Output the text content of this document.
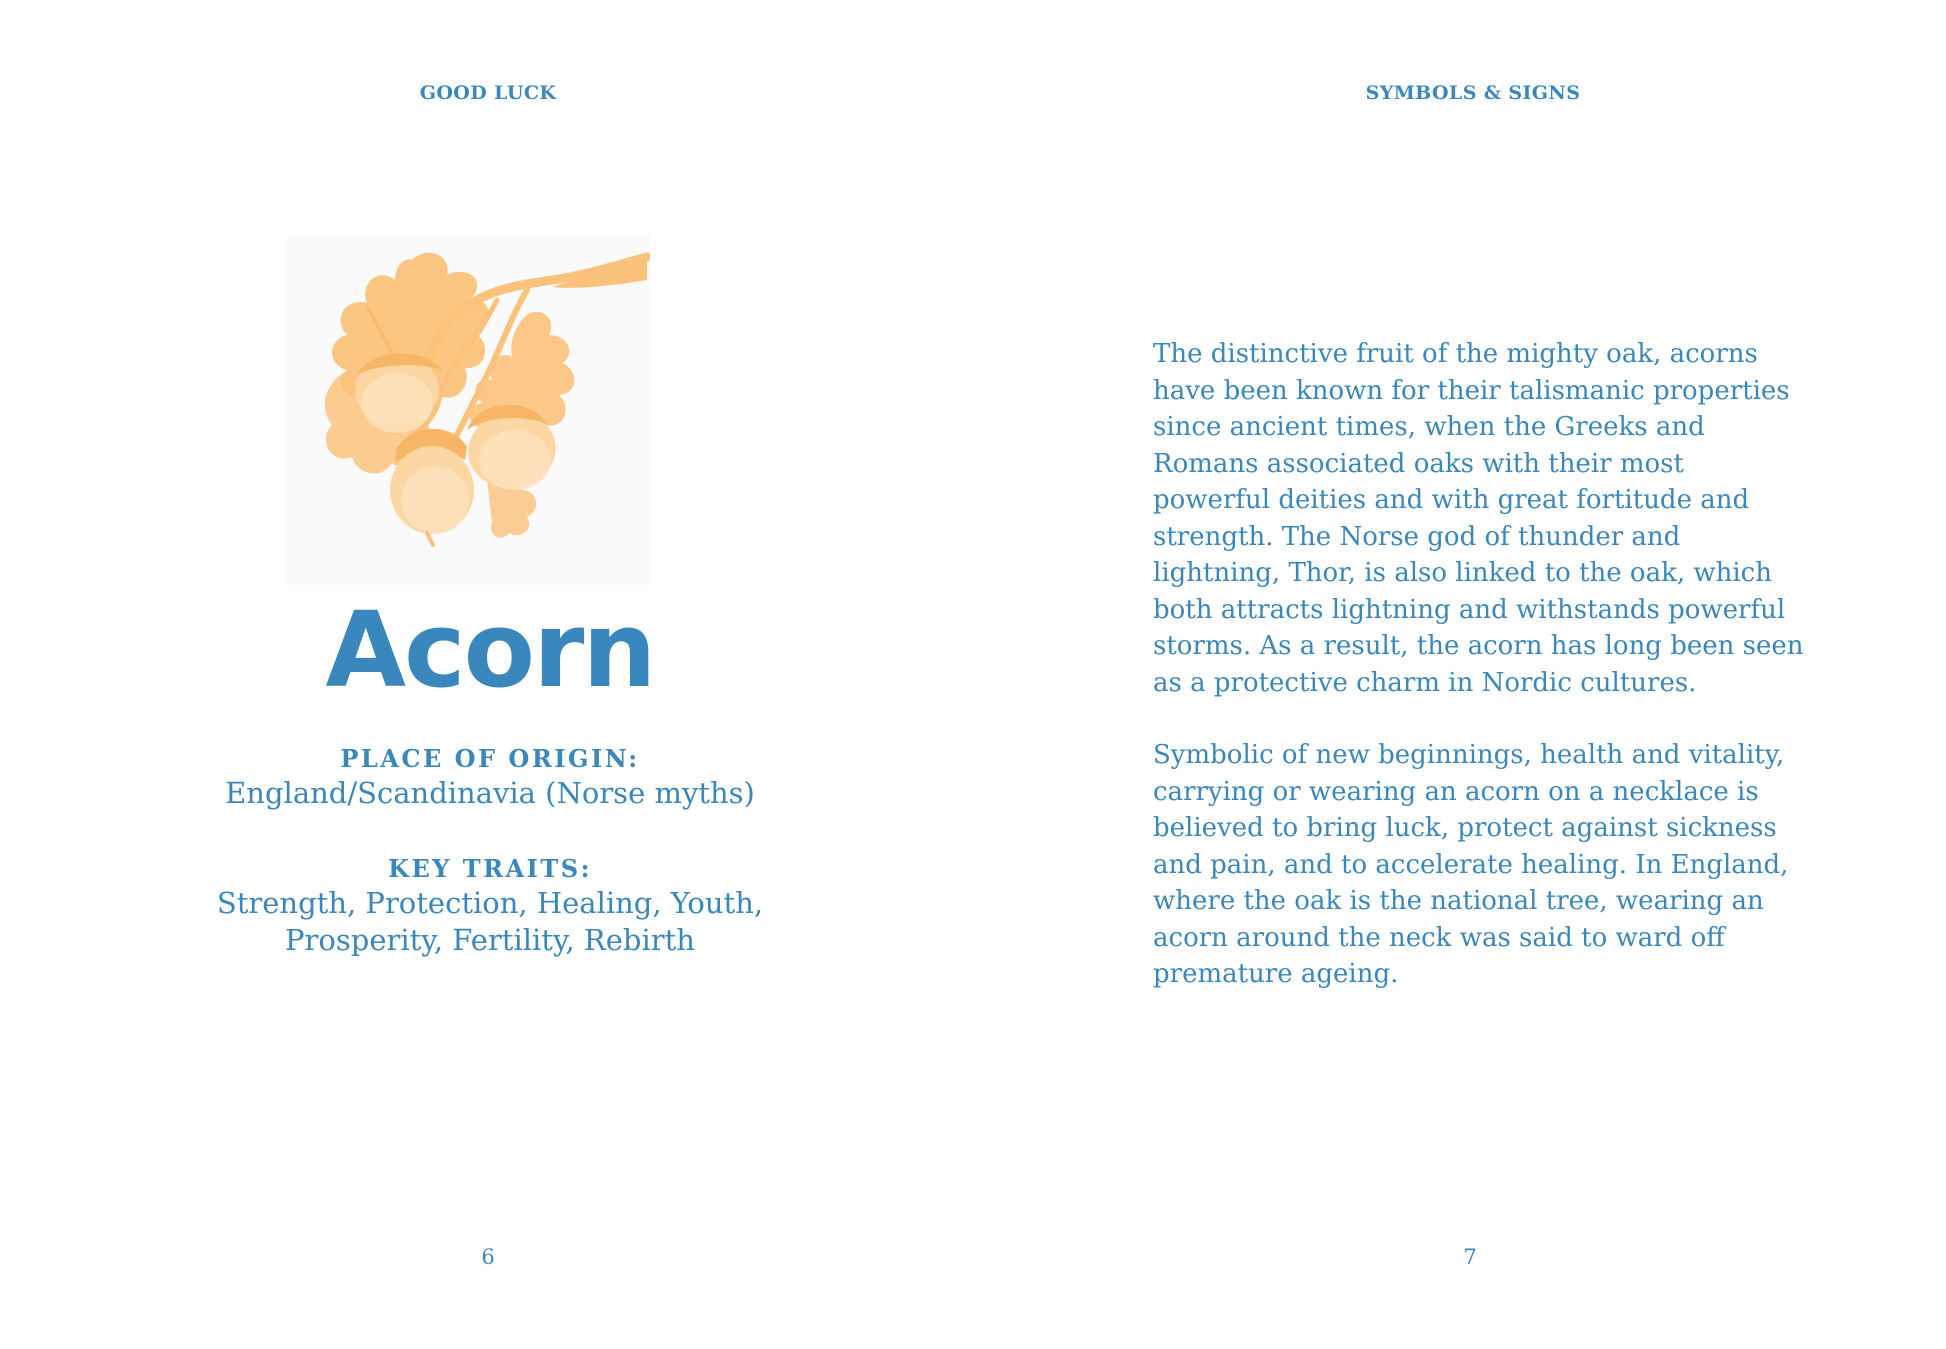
GOOD LUCK
Acorn
PLACE OF ORIGIN:
England/Scandinavia (Norse myths)
KEY TRAITS:
Strength, Protection, Healing, Youth, Prosperity, Fertility, Rebirth
6
SYMBOLS & SIGNS

The distinctive fruit of the mighty oak, acorns have been known for their talismanic properties since ancient times, when the Greeks and Romans associated oaks with their most powerful deities and with great fortitude and strength. The Norse god of thunder and lightning, Thor, is also linked to the oak, which both attracts lightning and withstands powerful storms. As a result, the acorn has long been seen as a protective charm in Nordic cultures.

Symbolic of new beginnings, health and vitality, carrying or wearing an acorn on a necklace is believed to bring luck, protect against sickness and pain, and to accelerate healing. In England, where the oak is the national tree, wearing an acorn around the neck was said to ward off premature ageing.

7
